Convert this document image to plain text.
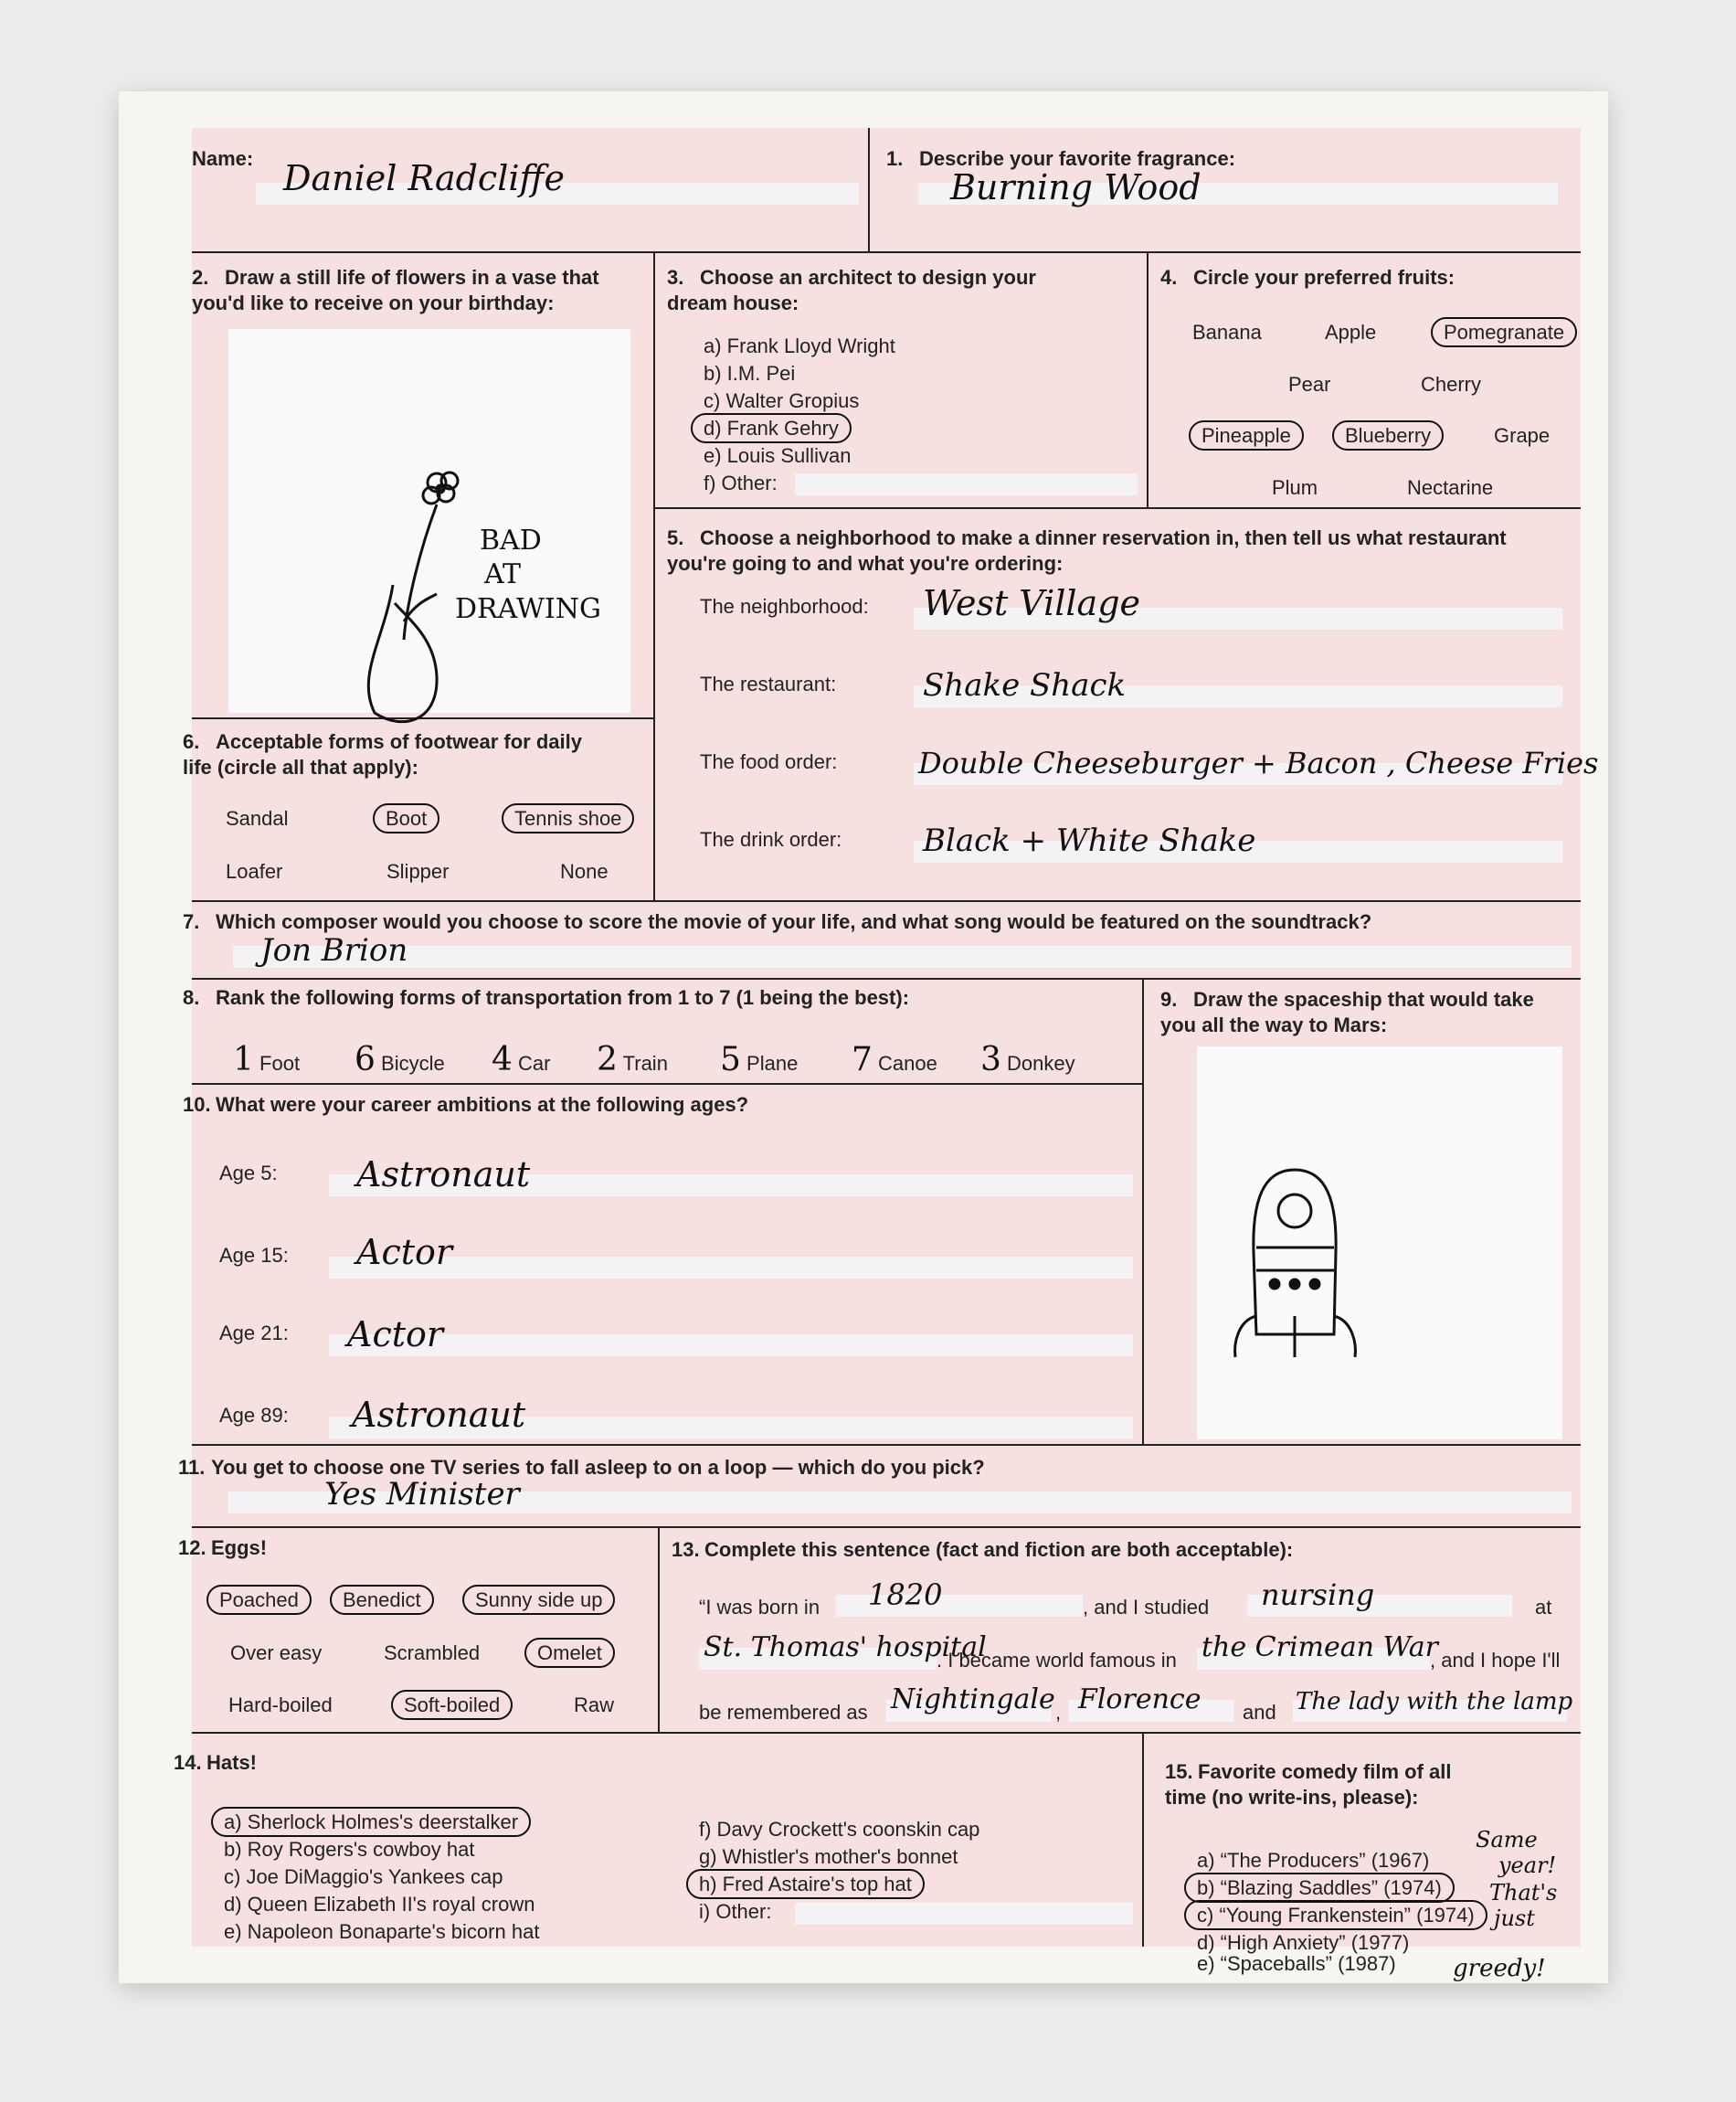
Name: Daniel Radcliffe	1. Describe your favorite fragrance:
Burning Wood
2. Draw a still life of flowers in a vase that you'd like to receive on your birthday:
BAD
AT
DRAWING
3. Choose an architect to design your dream house:
a) Frank Lloyd Wright
b) I.M. Pei
c) Walter Gropius
d) Frank Gehry
e) Louis Sullivan
f) Other:
4. Circle your preferred fruits:
Banana	Apple	Pomegranate
Pear	Cherry
Pineapple	Blueberry	Grape
Plum	Nectarine
5. Choose a neighborhood to make a dinner reservation in, then tell us what restaurant you're going to and what you're ordering:
The neighborhood: West Village
The restaurant:	Shake Shack
The food order:	Double Cheeseburger + Bacon , Cheese Fries
The drink order:	Black + White Shake
6. Acceptable forms of footwear for daily life (circle all that apply):
Sandal	Boot	Tennis shoe
Loafer	Slipper	None
7. Which composer would you choose to score the movie of your life, and what song would be featured on the soundtrack?
Jon Brion
8. Rank the following forms of transportation from 1 to 7 (1 being the best):
1 Foot 6 Bicycle 4 Car 2 Train 5 Plane 7 Canoe 3 Donkey
9. Draw the spaceship that would take you all the way to Mars:
10. What were your career ambitions at the following ages?
Age 5: Astronaut
Age 15: Actor
Age 21: Actor
Age 89: Astronaut
11. You get to choose one TV series to fall asleep to on a loop — which do you pick?
Yes Minister
12. Eggs!
Poached	Benedict	Sunny side up
Over easy	Scrambled	Omelet
Hard-boiled	Soft-boiled	Raw
13. Complete this sentence (fact and fiction are both acceptable):
“I was born in 1820	, and I studied nursing	at
St. Thomas' hospital
. I became world famous in the Crimean War
, and I hope I'll
be remembered as Nightingale , Florence and The lady with the lamp
14. Hats!
a) Sherlock Holmes's deerstalker
b) Roy Rogers's cowboy hat
c) Joe DiMaggio's Yankees cap
d) Queen Elizabeth II's royal crown
e) Napoleon Bonaparte's bicorn hat
f) Davy Crockett's coonskin cap
g) Whistler's mother's bonnet
h) Fred Astaire's top hat
i) Other:
15. Favorite comedy film of all time (no write-ins, please):
a) “The Producers” (1967)
b) “Blazing Saddles” (1974)
c) “Young Frankenstein” (1974)
d) “High Anxiety” (1977)
Same
year!
That's
just
e) “Spaceballs” (1987) greedy!
